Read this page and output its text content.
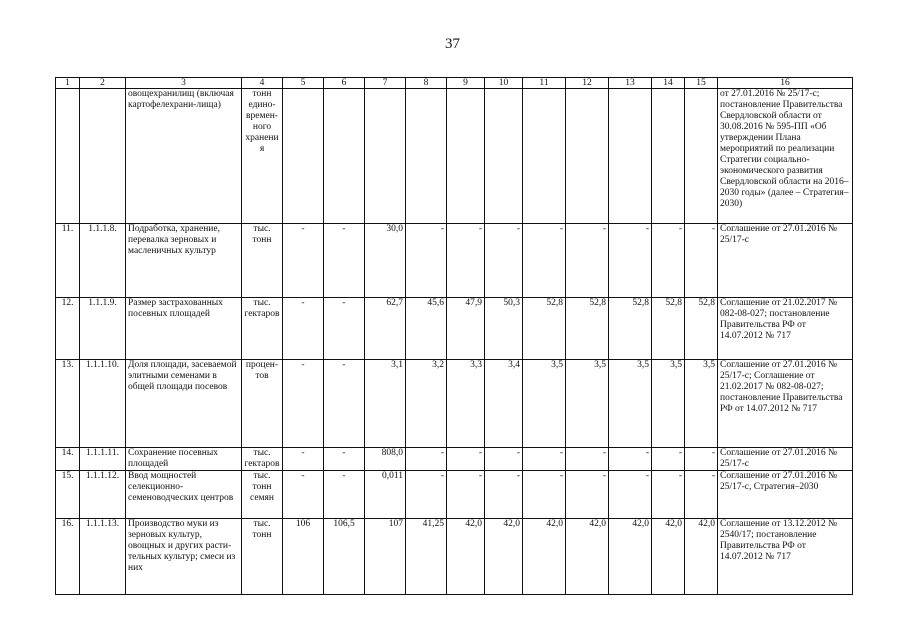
37
1	2	3	4	5	6	7	8	9	10	11	12	13	14	15	16
		овощехранилищ (включая картофелехрани-лища)	тонн едино-времен-ного хранения												от 27.01.2016 № 25/17-с; постановление Правительства Свердловской области от 30.08.2016 № 595-ПП «Об утверждении Плана мероприятий по реализации Стратегии социально-экономического развития Свердловской области на 2016–2030 годы» (далее – Стратегия–2030)
11.	1.1.1.8.	Подработка, хранение, перевалка зерновых и масленичных культур	тыс. тонн	-	-	30,0	-	-	-	-	-	-	-	-	Соглашение от 27.01.2016 № 25/17-с
12.	1.1.1.9.	Размер застрахованных посевных площадей	тыс. гектаров	-	-	62,7	45,6	47,9	50,3	52,8	52,8	52,8	52,8	52,8	Соглашение от 21.02.2017 № 082-08-027; постановление Правительства РФ от 14.07.2012 № 717
13.	1.1.1.10.	Доля площади, засеваемой элитными семенами в общей площади посевов	процен-тов	-	-	3,1	3,2	3,3	3,4	3,5	3,5	3,5	3,5	3,5	Соглашение от 27.01.2016 № 25/17-с; Соглашение от 21.02.2017 № 082-08-027; постановление Правительства РФ от 14.07.2012 № 717
14.	1.1.1.11.	Сохранение посевных площадей	тыс. гектаров	-	-	808,0	-	-	-	-	-	-	-	-	Соглашение от 27.01.2016 № 25/17-с
15.	1.1.1.12.	Ввод мощностей селекционно-семеноводческих центров	тыс. тонн семян	-	-	0,011	-	-	-	-	-	-	-	-	Соглашение от 27.01.2016 № 25/17-с, Стратегия–2030
16.	1.1.1.13.	Производство муки из зерновых культур, овощных и других расти-тельных культур; смеси из них	тыс. тонн	106	106,5	107	41,25	42,0	42,0	42,0	42,0	42,0	42,0	42,0	Соглашение от 13.12.2012 № 2540/17; постановление Правительства РФ от 14.07.2012 № 717
